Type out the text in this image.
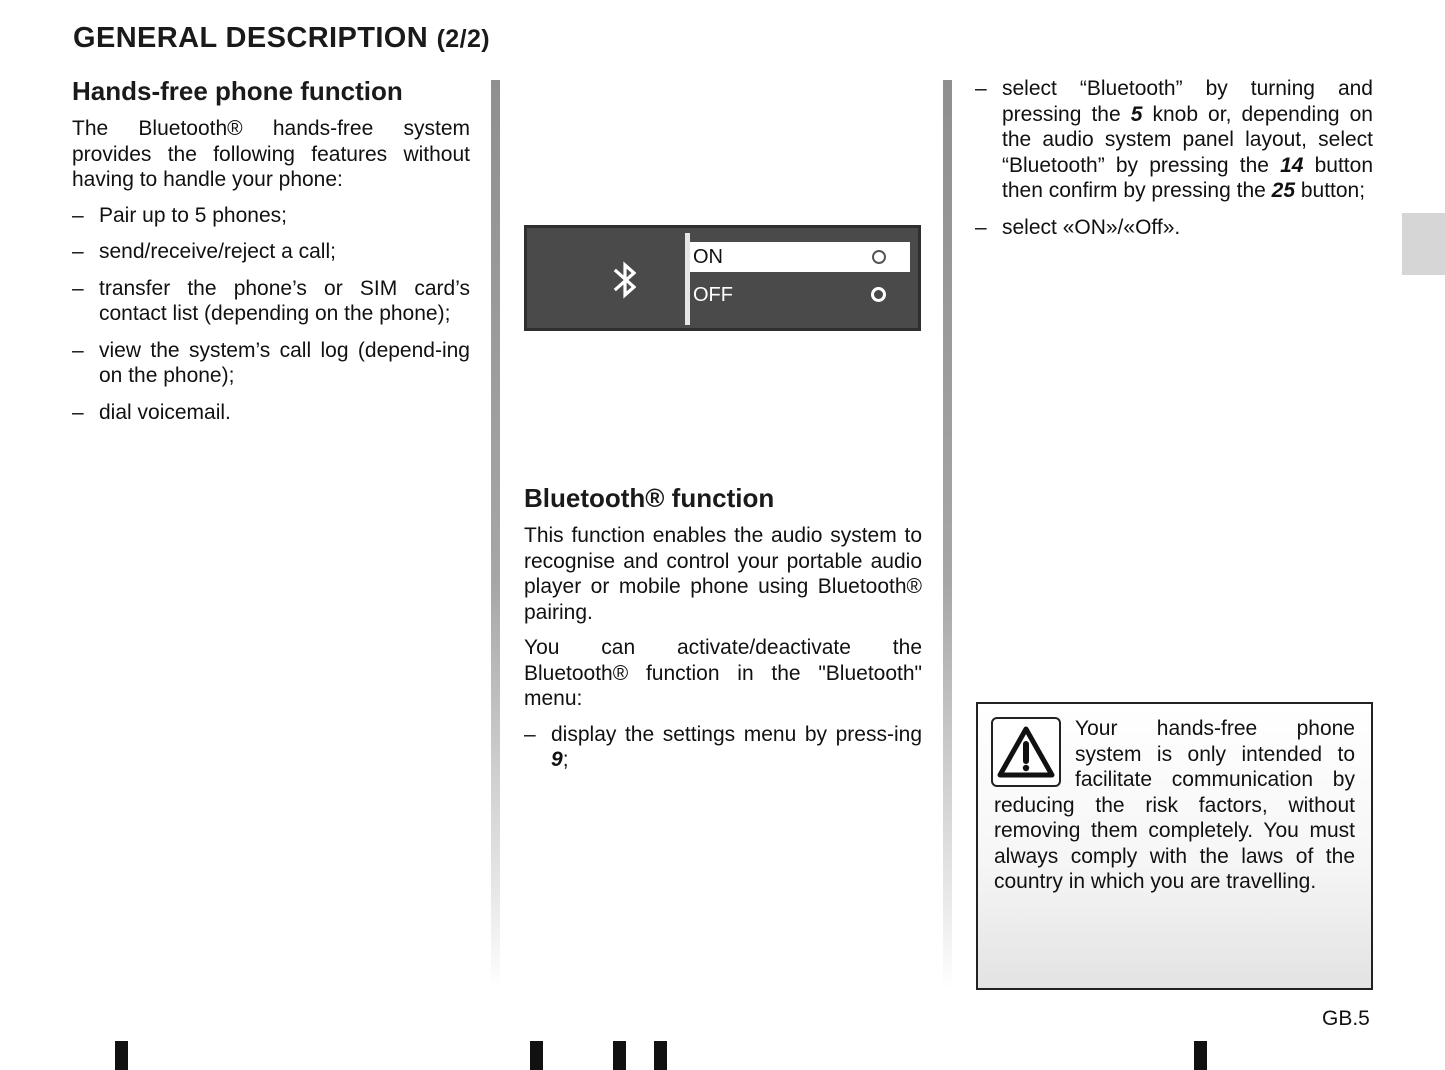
GENERAL DESCRIPTION (2/2)
Hands-free phone function

The Bluetooth® hands-free system provides the following features without having to handle your phone:

– Pair up to 5 phones;
– send/receive/reject a call;
– transfer the phone’s or SIM card’s contact list (depending on the phone);
– view the system’s call log (depend-ing on the phone);
– dial voicemail.
ON
OFF
Bluetooth® function

This function enables the audio system to recognise and control your portable audio player or mobile phone using Bluetooth® pairing.

You can activate/deactivate the Bluetooth® function in the "Bluetooth" menu:

– display the settings menu by press-ing 9;
– select “Bluetooth” by turning and pressing the 5 knob or, depending on the audio system panel layout, select “Bluetooth” by pressing the 14 button then confirm by pressing the 25 button;
– select «ON»/«Off».
Your hands-free phone system is only intended to facilitate communication by reducing the risk factors, without removing them completely. You must always comply with the laws of the country in which you are travelling.
GB.5
